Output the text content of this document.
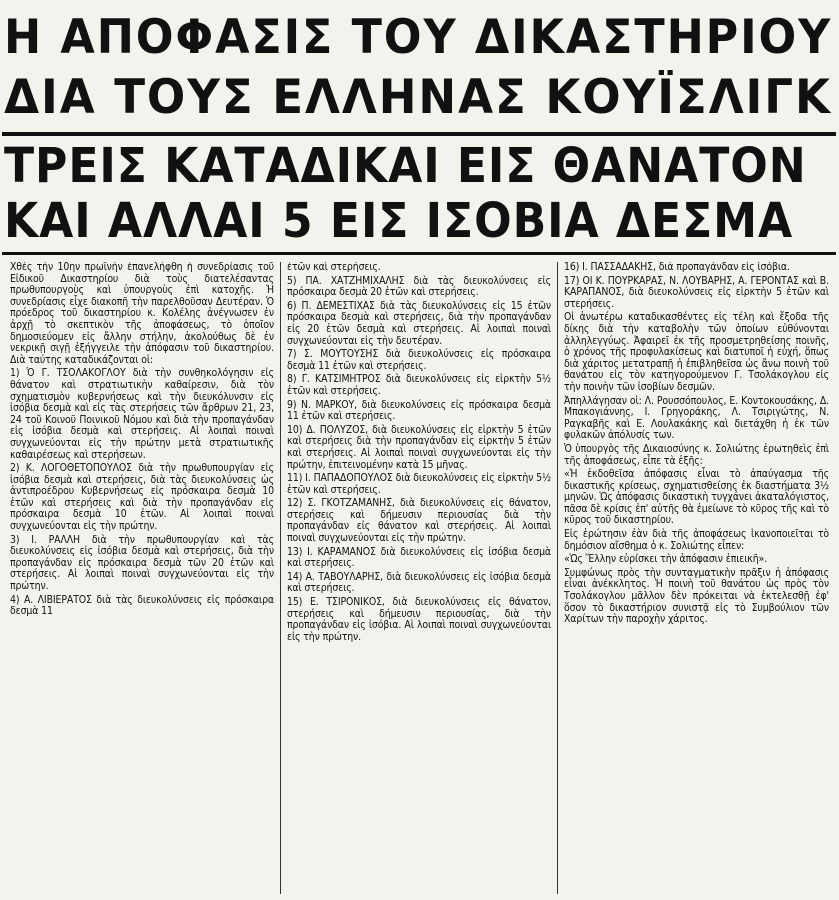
Η ΑΠΟΦΑΣΙΣ ΤΟΥ ΔΙΚΑΣΤΗΡΙΟΥ
ΔΙΑ ΤΟΥΣ ΕΛΛΗΝΑΣ ΚΟΥΪΣΛΙΓΚ
ΤΡΕΙΣ ΚΑΤΑΔΙΚΑΙ ΕΙΣ ΘΑΝΑΤΟΝ
ΚΑΙ ΑΛΛΑΙ 5 ΕΙΣ ΙΣΟΒΙΑ ΔΕΣΜΑ

Χθὲς τὴν 10ην πρωϊνὴν ἐπανελήφθη ἡ συνεδρίασις τοῦ Εἰδικοῦ Δικαστηρίου διὰ τοὺς διατελέσαντας πρωθυπουργοὺς καὶ ὑπουργοὺς ἐπὶ κατοχῆς. Ἡ συνεδρίασις εἶχε διακοπῆ τὴν παρελθοῦσαν Δευτέραν. Ὁ πρόεδρος τοῦ δικαστηρίου κ. Κολέλης ἀνέγνωσεν ἐν ἀρχῇ τὸ σκεπτικὸν τῆς ἀποφάσεως, τὸ ὁποῖον δημοσιεύομεν εἰς ἄλλην στήλην, ἀκολούθως δὲ ἐν νεκρικῇ σιγῇ ἐξήγγειλε τὴν ἀπόφασιν τοῦ δικαστηρίου. Διὰ ταύτης καταδικάζονται οἱ:

1) Ὁ Γ. ΤΣΟΛΑΚΟΓΛΟΥ διὰ τὴν συνθηκολόγησιν εἰς θάνατον καὶ στρατιωτικὴν καθαίρεσιν, διὰ τὸν σχηματισμὸν κυβερνήσεως καὶ τὴν διευκόλυνσιν εἰς ἰσόβια δεσμὰ καὶ εἰς τὰς στερήσεις τῶν ἄρθρων 21, 23, 24 τοῦ Κοινοῦ Ποινικοῦ Νόμου καὶ διὰ τὴν προπαγάνδαν εἰς ἰσόβια δεσμὰ καὶ στερήσεις. Αἱ λοιπαὶ ποιναὶ συγχωνεύονται εἰς τὴν πρώτην μετὰ στρατιωτικῆς καθαιρέσεως καὶ στερήσεων.

2) Κ. ΛΟΓΟΘΕΤΟΠΟΥΛΟΣ διὰ τὴν πρωθυπουργίαν εἰς ἰσόβια δεσμὰ καὶ στερήσεις, διὰ τὰς διευκολύνσεις ὡς ἀντιπροέδρου Κυβερνήσεως εἰς πρόσκαιρα δεσμὰ 10 ἐτῶν καὶ στερήσεις καὶ διὰ τὴν προπαγάνδαν εἰς πρόσκαιρα δεσμὰ 10 ἐτῶν. Αἱ λοιπαὶ ποιναὶ συγχωνεύονται εἰς τὴν πρώτην.

3) Ι. ΡΑΛΛΗ διὰ τὴν πρωθυπουργίαν καὶ τὰς διευκολύνσεις εἰς ἰσόβια δεσμὰ καὶ στερήσεις, διὰ τὴν προπαγάνδαν εἰς πρόσκαιρα δεσμὰ τῶν 20 ἐτῶν καὶ στερήσεις. Αἱ λοιπαὶ ποιναὶ συγχωνεύονται εἰς τὴν πρώτην.

4) Α. ΛΙΒΙΕΡΑΤΟΣ διὰ τὰς διευκολύνσεις εἰς πρόσκαιρα δεσμὰ 11

ἐτῶν καὶ στερήσεις.

5) ΠΑ. ΧΑΤΖΗΜΙΧΑΛΗΣ διὰ τὰς διευκολύνσεις εἰς πρόσκαιρα δεσμὰ 20 ἐτῶν καὶ στερήσεις.

6) Π. ΔΕΜΕΣΤΙΧΑΣ διὰ τὰς διευκολύνσεις εἰς 15 ἐτῶν πρόσκαιρα δεσμὰ καὶ στερήσεις, διὰ τὴν προπαγάνδαν εἰς 20 ἐτῶν δεσμὰ καὶ στερήσεις. Αἱ λοιπαὶ ποιναὶ συγχωνεύονται εἰς τὴν δευτέραν.

7) Σ. ΜΟΥΤΟΥΣΗΣ διὰ διευκολύνσεις εἰς πρόσκαιρα δεσμὰ 11 ἐτῶν καὶ στερήσεις.

8) Γ. ΚΑΤΣΙΜΗΤΡΟΣ διὰ διευκολύνσεις εἰς εἱρκτὴν 5½ ἐτῶν καὶ στερήσεις.

9) Ν. ΜΑΡΚΟΥ, διὰ διευκολύνσεις εἰς πρόσκαιρα δεσμὰ 11 ἐτῶν καὶ στερήσεις.

10) Δ. ΠΟΛΥΖΟΣ, διὰ διευκολύνσεις εἰς εἱρκτὴν 5 ἐτῶν καὶ στερήσεις διὰ τὴν προπαγάνδαν εἰς εἱρκτὴν 5 ἐτῶν καὶ στερήσεις. Αἱ λοιπαὶ ποιναὶ συγχωνεύονται εἰς τὴν πρώτην, ἐπιτεινομένην κατὰ 15 μῆνας.

11) Ι. ΠΑΠΑΔΟΠΟΥΛΟΣ διὰ διευκολύνσεις εἰς εἱρκτὴν 5½ ἐτῶν καὶ στερήσεις.

12) Σ. ΓΚΟΤΖΑΜΑΝΗΣ, διὰ διευκολύνσεις εἰς θάνατον, στερήσεις καὶ δήμευσιν περιουσίας διὰ τὴν προπαγάνδαν εἰς θάνατον καὶ στερήσεις. Αἱ λοιπαὶ ποιναὶ συγχωνεύονται εἰς τὴν πρώτην.

13) Ι. ΚΑΡΑΜΑΝΟΣ διὰ διευκολύνσεις εἰς ἰσόβια δεσμὰ καὶ στερήσεις.

14) Α. ΤΑΒΟΥΛΑΡΗΣ, διὰ διευκολύνσεις εἰς ἰσόβια δεσμὰ καὶ στερήσεις.

15) Ε. ΤΣΙΡΟΝΙΚΟΣ, διὰ διευκολύνσεις εἰς θάνατον, στερήσεις καὶ δήμευσιν περιουσίας, διὰ τὴν προπαγάνδαν εἰς ἰσόβια. Αἱ λοιπαὶ ποιναὶ συγχωνεύονται εἰς τὴν πρώτην.

16) Ι. ΠΑΣΣΑΔΑΚΗΣ, διὰ προπαγάνδαν εἰς ἰσόβια.

17) ΟΙ Κ. ΠΟΥΡΚΑΡΑΣ, Ν. ΛΟΥΒΑΡΗΣ, Α. ΓΕΡΟΝΤΑΣ καὶ Β. ΚΑΡΑΠΑΝΟΣ, διὰ διευκολύνσεις εἰς εἱρκτὴν 5 ἐτῶν καὶ στερήσεις.

Οἱ ἀνωτέρω καταδικασθέντες εἰς τέλη καὶ ἔξοδα τῆς δίκης διὰ τὴν καταβολὴν τῶν ὁποίων εὐθύνονται ἀλληλεγγύως. Ἀφαιρεῖ ἐκ τῆς προσμετρηθείσης ποινῆς, ὁ χρόνος τῆς προφυλακίσεως καὶ διατυποῖ ἡ εὐχή, ὅπως διὰ χάριτος μετατραπῇ ἡ ἐπιβληθεῖσα ὡς ἄνω ποινὴ τοῦ θανάτου εἰς τὸν κατηγορούμενον Γ. Τσολάκογλου εἰς τὴν ποινὴν τῶν ἰσοβίων δεσμῶν.

Ἀπηλλάγησαν οἱ: Λ. Ρουσσόπουλος, Ε. Κοντοκουσάκης, Δ. Μπακογιάννης, Ι. Γρηγοράκης, Λ. Τσιριγώτης, Ν. Ραγκαβῆς καὶ Ε. Λουλακάκης καὶ διετάχθη ἡ ἐκ τῶν φυλακῶν ἀπόλυσίς των.

Ὁ ὑπουργὸς τῆς Δικαιοσύνης κ. Σολιώτης ἐρωτηθεὶς ἐπὶ τῆς ἀποφάσεως, εἶπε τὰ ἑξῆς:

«Ἡ ἐκδοθεῖσα ἀπόφασις εἶναι τὸ ἀπαύγασμα τῆς δικαστικῆς κρίσεως, σχηματισθείσης ἐκ διαστήματα 3½ μηνῶν. Ὡς ἀπόφασις δικαστικὴ τυγχάνει ἀκαταλόγιστος, πᾶσα δὲ κρίσις ἐπ' αὐτῆς θὰ ἐμείωνε τὸ κῦρος τῆς καὶ τὸ κῦρος τοῦ δικαστηρίου.

Εἰς ἐρώτησιν ἐὰν διὰ τῆς ἀποφάσεως ἱκανοποιεῖται τὸ δημόσιον αἴσθημα ὁ κ. Σολιώτης εἶπεν:

«Ὡς Ἕλλην εὑρίσκει τὴν ἀπόφασιν ἐπιεικῆ».

Συμφώνως πρὸς τὴν συνταγματικὴν πρᾶξιν ἡ ἀπόφασις εἶναι ἀνέκκλητος. Ἡ ποινὴ τοῦ θανάτου ὡς πρὸς τὸν Τσολάκογλου μᾶλλον δὲν πρόκειται νὰ ἐκτελεσθῇ ἐφ' ὅσον τὸ δικαστήριον συνιστᾷ εἰς τὸ Συμβούλιον τῶν Χαρίτων τὴν παροχὴν χάριτος.
